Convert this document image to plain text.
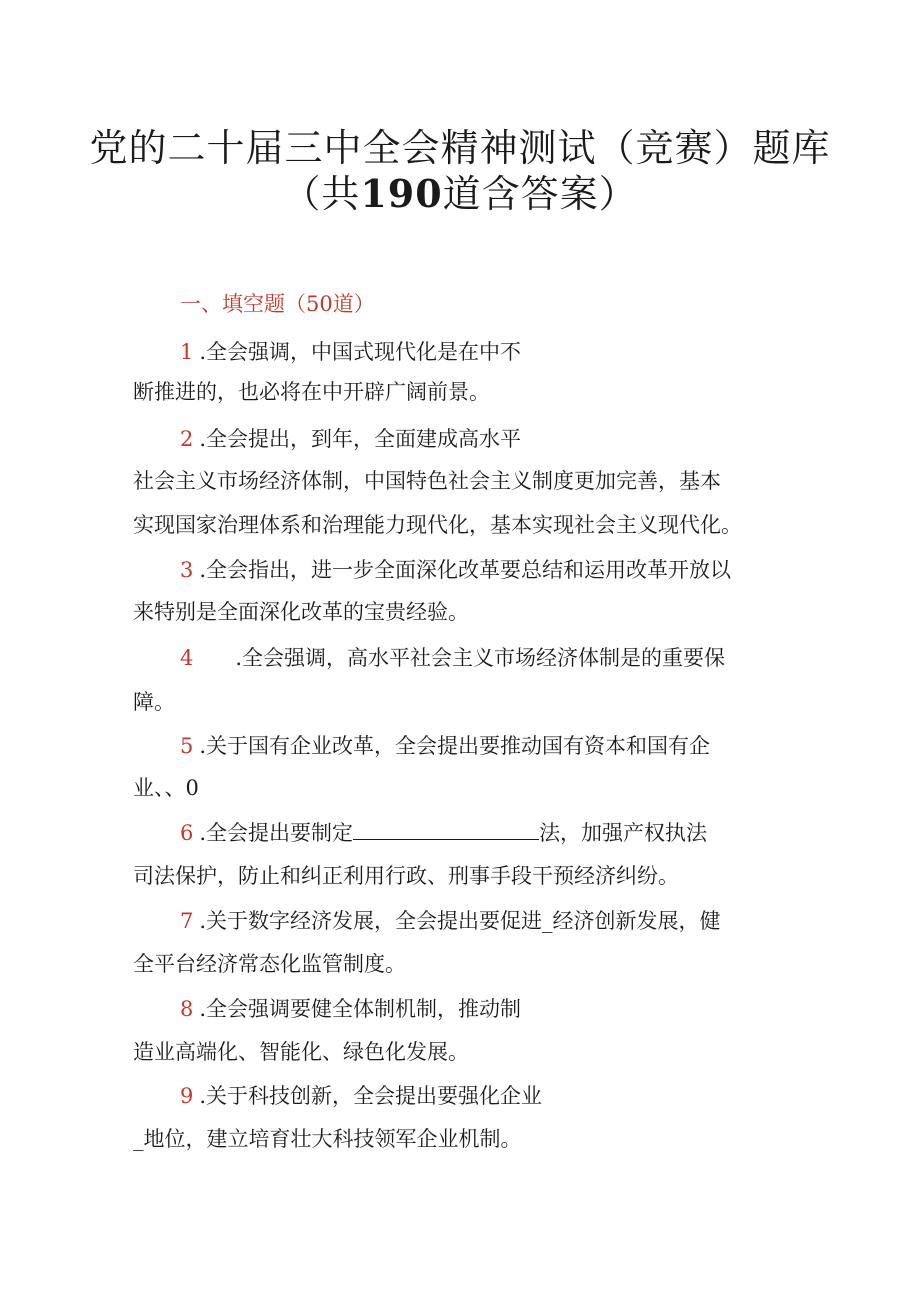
党的二十届三中全会精神测试（竞赛）题库
（共190道含答案）
一、填空题（50道）
1 .全会强调，中国式现代化是在中不
断推进的，也必将在中开辟广阔前景。
2 .全会提出，到年，全面建成高水平
社会主义市场经济体制，中国特色社会主义制度更加完善，基本
实现国家治理体系和治理能力现代化，基本实现社会主义现代化。
3 .全会指出，进一步全面深化改革要总结和运用改革开放以
来特别是全面深化改革的宝贵经验。
4 .全会强调，高水平社会主义市场经济体制是的重要保
障。
5 .关于国有企业改革，全会提出要推动国有资本和国有企
业、、0
6 .全会提出要制定	法，加强产权执法
司法保护，防止和纠正利用行政、刑事手段干预经济纠纷。
7 .关于数字经济发展，全会提出要促进_经济创新发展，健
全平台经济常态化监管制度。
8 .全会强调要健全体制机制，推动制
造业高端化、智能化、绿色化发展。
9 .关于科技创新，全会提出要强化企业
_地位，建立培育壮大科技领军企业机制。
